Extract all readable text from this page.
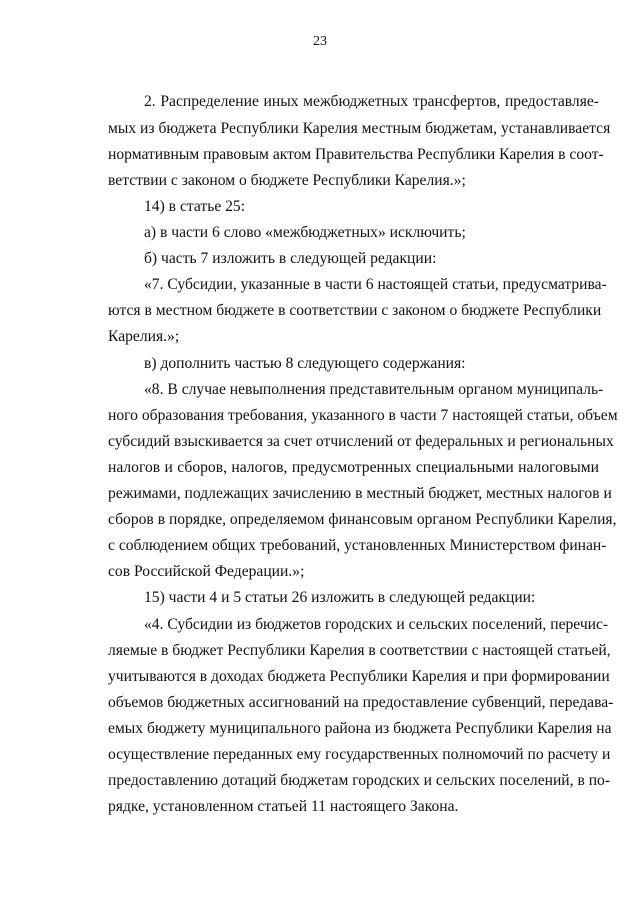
23
2. Распределение иных межбюджетных трансфертов, предоставляе-
мых из бюджета Республики Карелия местным бюджетам, устанавливается
нормативным правовым актом Правительства Республики Карелия в соот-
ветствии с законом о бюджете Республики Карелия.»;
14) в статье 25:
а) в части 6 слово «межбюджетных» исключить;
б) часть 7 изложить в следующей редакции:
«7. Субсидии, указанные в части 6 настоящей статьи, предусматрива-
ются в местном бюджете в соответствии с законом о бюджете Республики
Карелия.»;
в) дополнить частью 8 следующего содержания:
«8. В случае невыполнения представительным органом муниципаль-
ного образования требования, указанного в части 7 настоящей статьи, объем
субсидий взыскивается за счет отчислений от федеральных и региональных
налогов и сборов, налогов, предусмотренных специальными налоговыми
режимами, подлежащих зачислению в местный бюджет, местных налогов и
сборов в порядке, определяемом финансовым органом Республики Карелия,
с соблюдением общих требований, установленных Министерством финан-
сов Российской Федерации.»;
15) части 4 и 5 статьи 26 изложить в следующей редакции:
«4. Субсидии из бюджетов городских и сельских поселений, перечис-
ляемые в бюджет Республики Карелия в соответствии с настоящей статьей,
учитываются в доходах бюджета Республики Карелия и при формировании
объемов бюджетных ассигнований на предоставление субвенций, передава-
емых бюджету муниципального района из бюджета Республики Карелия на
осуществление переданных ему государственных полномочий по расчету и
предоставлению дотаций бюджетам городских и сельских поселений, в по-
рядке, установленном статьей 11 настоящего Закона.
